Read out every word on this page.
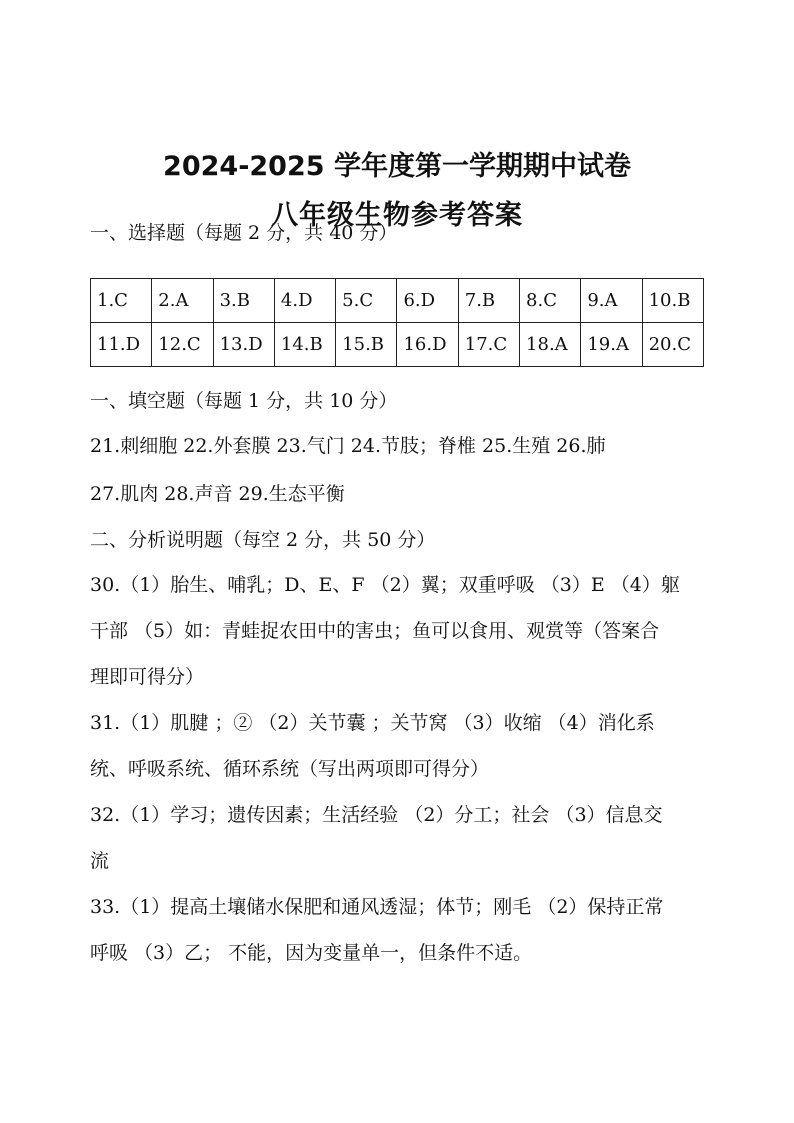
2024-2025 学年度第一学期期中试卷
八年级生物参考答案
一、选择题（每题 2 分，共 40 分）
1.C	2.A	3.B	4.D	5.C	6.D	7.B	8.C	9.A	10.B
11.D	12.C	13.D	14.B	15.B	16.D	17.C	18.A	19.A	20.C
一、填空题（每题 1 分，共 10 分）
21.刺细胞 22.外套膜 23.气门 24.节肢；脊椎 25.生殖 26.肺
27.肌肉 28.声音 29.生态平衡
二、分析说明题（每空 2 分，共 50 分）
30.（1）胎生、哺乳；D、E、F （2）翼；双重呼吸 （3）E （4）躯
干部 （5）如：青蛙捉农田中的害虫；鱼可以食用、观赏等（答案合
理即可得分）
31.（1）肌腱 ；② （2）关节囊 ；关节窝 （3）收缩 （4）消化系
统、呼吸系统、循环系统（写出两项即可得分）
32.（1）学习；遗传因素；生活经验 （2）分工；社会 （3）信息交
流
33.（1）提高土壤储水保肥和通风透湿；体节；刚毛 （2）保持正常
呼吸 （3）乙； 不能，因为变量单一，但条件不适。
